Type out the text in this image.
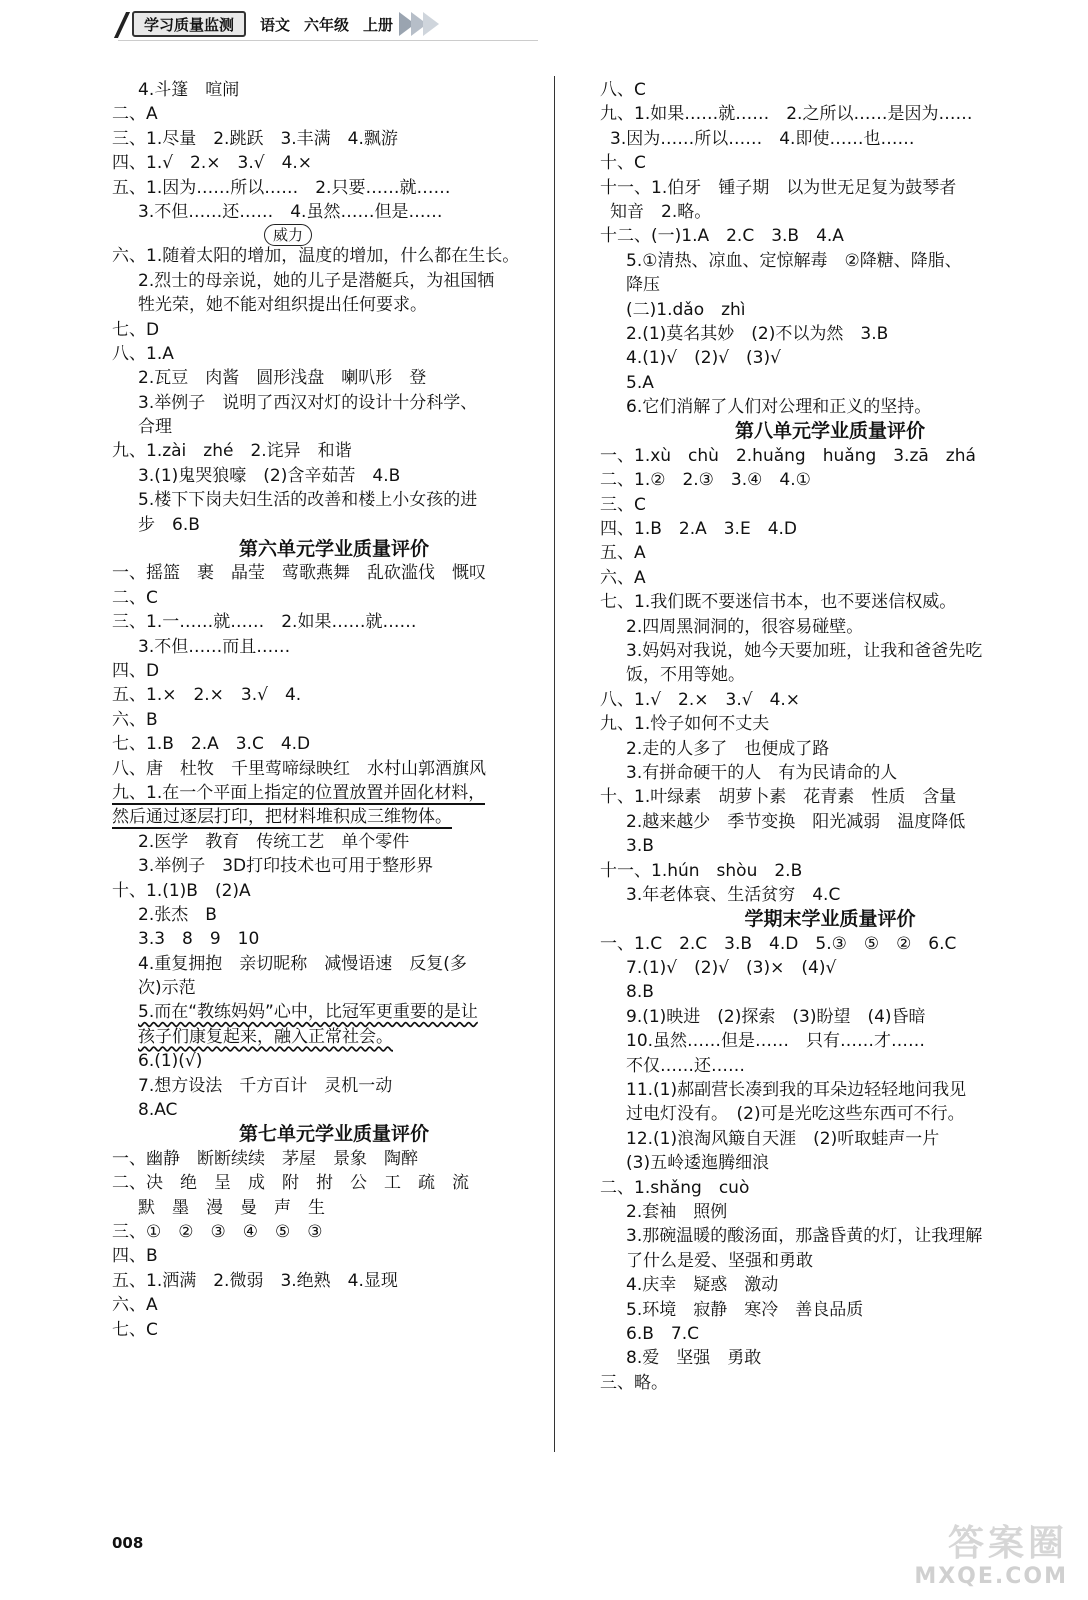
学习质量监测	语文 六年级 上册
4.斗篷　喧闹
二、A
三、1.尽量　2.跳跃　3.丰满　4.飘游
四、1.√　2.×　3.√　4.×
五、1.因为……所以……　2.只要……就……
3.不但……还……　4.虽然……但是……
威力
六、1.随着太阳的增加，温度的增加，什么都在生长。
2.烈士的母亲说，她的儿子是潜艇兵，为祖国牺
牲光荣，她不能对组织提出任何要求。
七、D
八、1.A
2.瓦豆　肉酱　圆形浅盘　喇叭形　登
3.举例子　说明了西汉对灯的设计十分科学、
合理
九、1.zài　zhé　2.诧异　和谐
3.(1)鬼哭狼嚎　(2)含辛茹苦　4.B
5.楼下下岗夫妇生活的改善和楼上小女孩的进
步　6.B
第六单元学业质量评价
一、摇篮　裹　晶莹　莺歌燕舞　乱砍滥伐　慨叹
二、C
三、1.一……就……　2.如果……就……
3.不但……而且……
四、D
五、1.×　2.×　3.√　4.
六、B
七、1.B　2.A　3.C　4.D
八、唐　杜牧　千里莺啼绿映红　水村山郭酒旗风
九、1.在一个平面上指定的位置放置并固化材料，
然后通过逐层打印，把材料堆积成三维物体。
2.医学　教育　传统工艺　单个零件
3.举例子　3D打印技术也可用于整形界
十、1.(1)B　(2)A
2.张杰　B
3.3　8　9　10
4.重复拥抱　亲切昵称　减慢语速　反复(多
次)示范
5.而在“教练妈妈”心中，比冠军更重要的是让
孩子们康复起来，融入正常社会。
6.(1)(√)
7.想方设法　千方百计　灵机一动
8.AC
第七单元学业质量评价
一、幽静　断断续续　茅屋　景象　陶醉
二、决　绝　呈　成　附　拊　公　工　疏　流
默　墨　漫　曼　声　生
三、①　②　③　④　⑤　③
四、B
五、1.洒满　2.微弱　3.绝熟　4.显现
六、A
七、C
八、C
九、1.如果……就……　2.之所以……是因为……
3.因为……所以……　4.即使……也……
十、C
十一、1.伯牙　锺子期　以为世无足复为鼓琴者
知音　2.略。
十二、(一)1.A　2.C　3.B　4.A
5.①清热、凉血、定惊解毒　②降糖、降脂、
降压
(二)1.dǎo　zhì
2.(1)莫名其妙　(2)不以为然　3.B
4.(1)√　(2)√　(3)√
5.A
6.它们消解了人们对公理和正义的坚持。
第八单元学业质量评价
一、1.xù　chù　2.huǎng　huǎng　3.zā　zhá
二、1.②　2.③　3.④　4.①
三、C
四、1.B　2.A　3.E　4.D
五、A
六、A
七、1.我们既不要迷信书本，也不要迷信权威。
2.四周黑洞洞的，很容易碰壁。
3.妈妈对我说，她今天要加班，让我和爸爸先吃
饭，不用等她。
八、1.√　2.×　3.√　4.×
九、1.怜子如何不丈夫
2.走的人多了　也便成了路
3.有拼命硬干的人　有为民请命的人
十、1.叶绿素　胡萝卜素　花青素　性质　含量
2.越来越少　季节变换　阳光减弱　温度降低
3.B
十一、1.hún　shòu　2.B
3.年老体衰、生活贫穷　4.C
学期末学业质量评价
一、1.C　2.C　3.B　4.D　5.③　⑤　②　6.C
7.(1)√　(2)√　(3)×　(4)√
8.B
9.(1)映进　(2)探索　(3)盼望　(4)昏暗
10.虽然……但是……　只有……才……
不仅……还……
11.(1)郝副营长凑到我的耳朵边轻轻地问我见
过电灯没有。　(2)可是光吃这些东西可不行。
12.(1)浪淘风簸自天涯　(2)听取蛙声一片
(3)五岭逶迤腾细浪
二、1.shǎng　cuò
2.套袖　照例
3.那碗温暖的酸汤面，那盏昏黄的灯，让我理解
了什么是爱、坚强和勇敢
4.庆幸　疑惑　激动
5.环境　寂静　寒冷　善良品质
6.B　7.C
8.爱　坚强　勇敢
三、略。
008	答案圈
MXQE.COM
